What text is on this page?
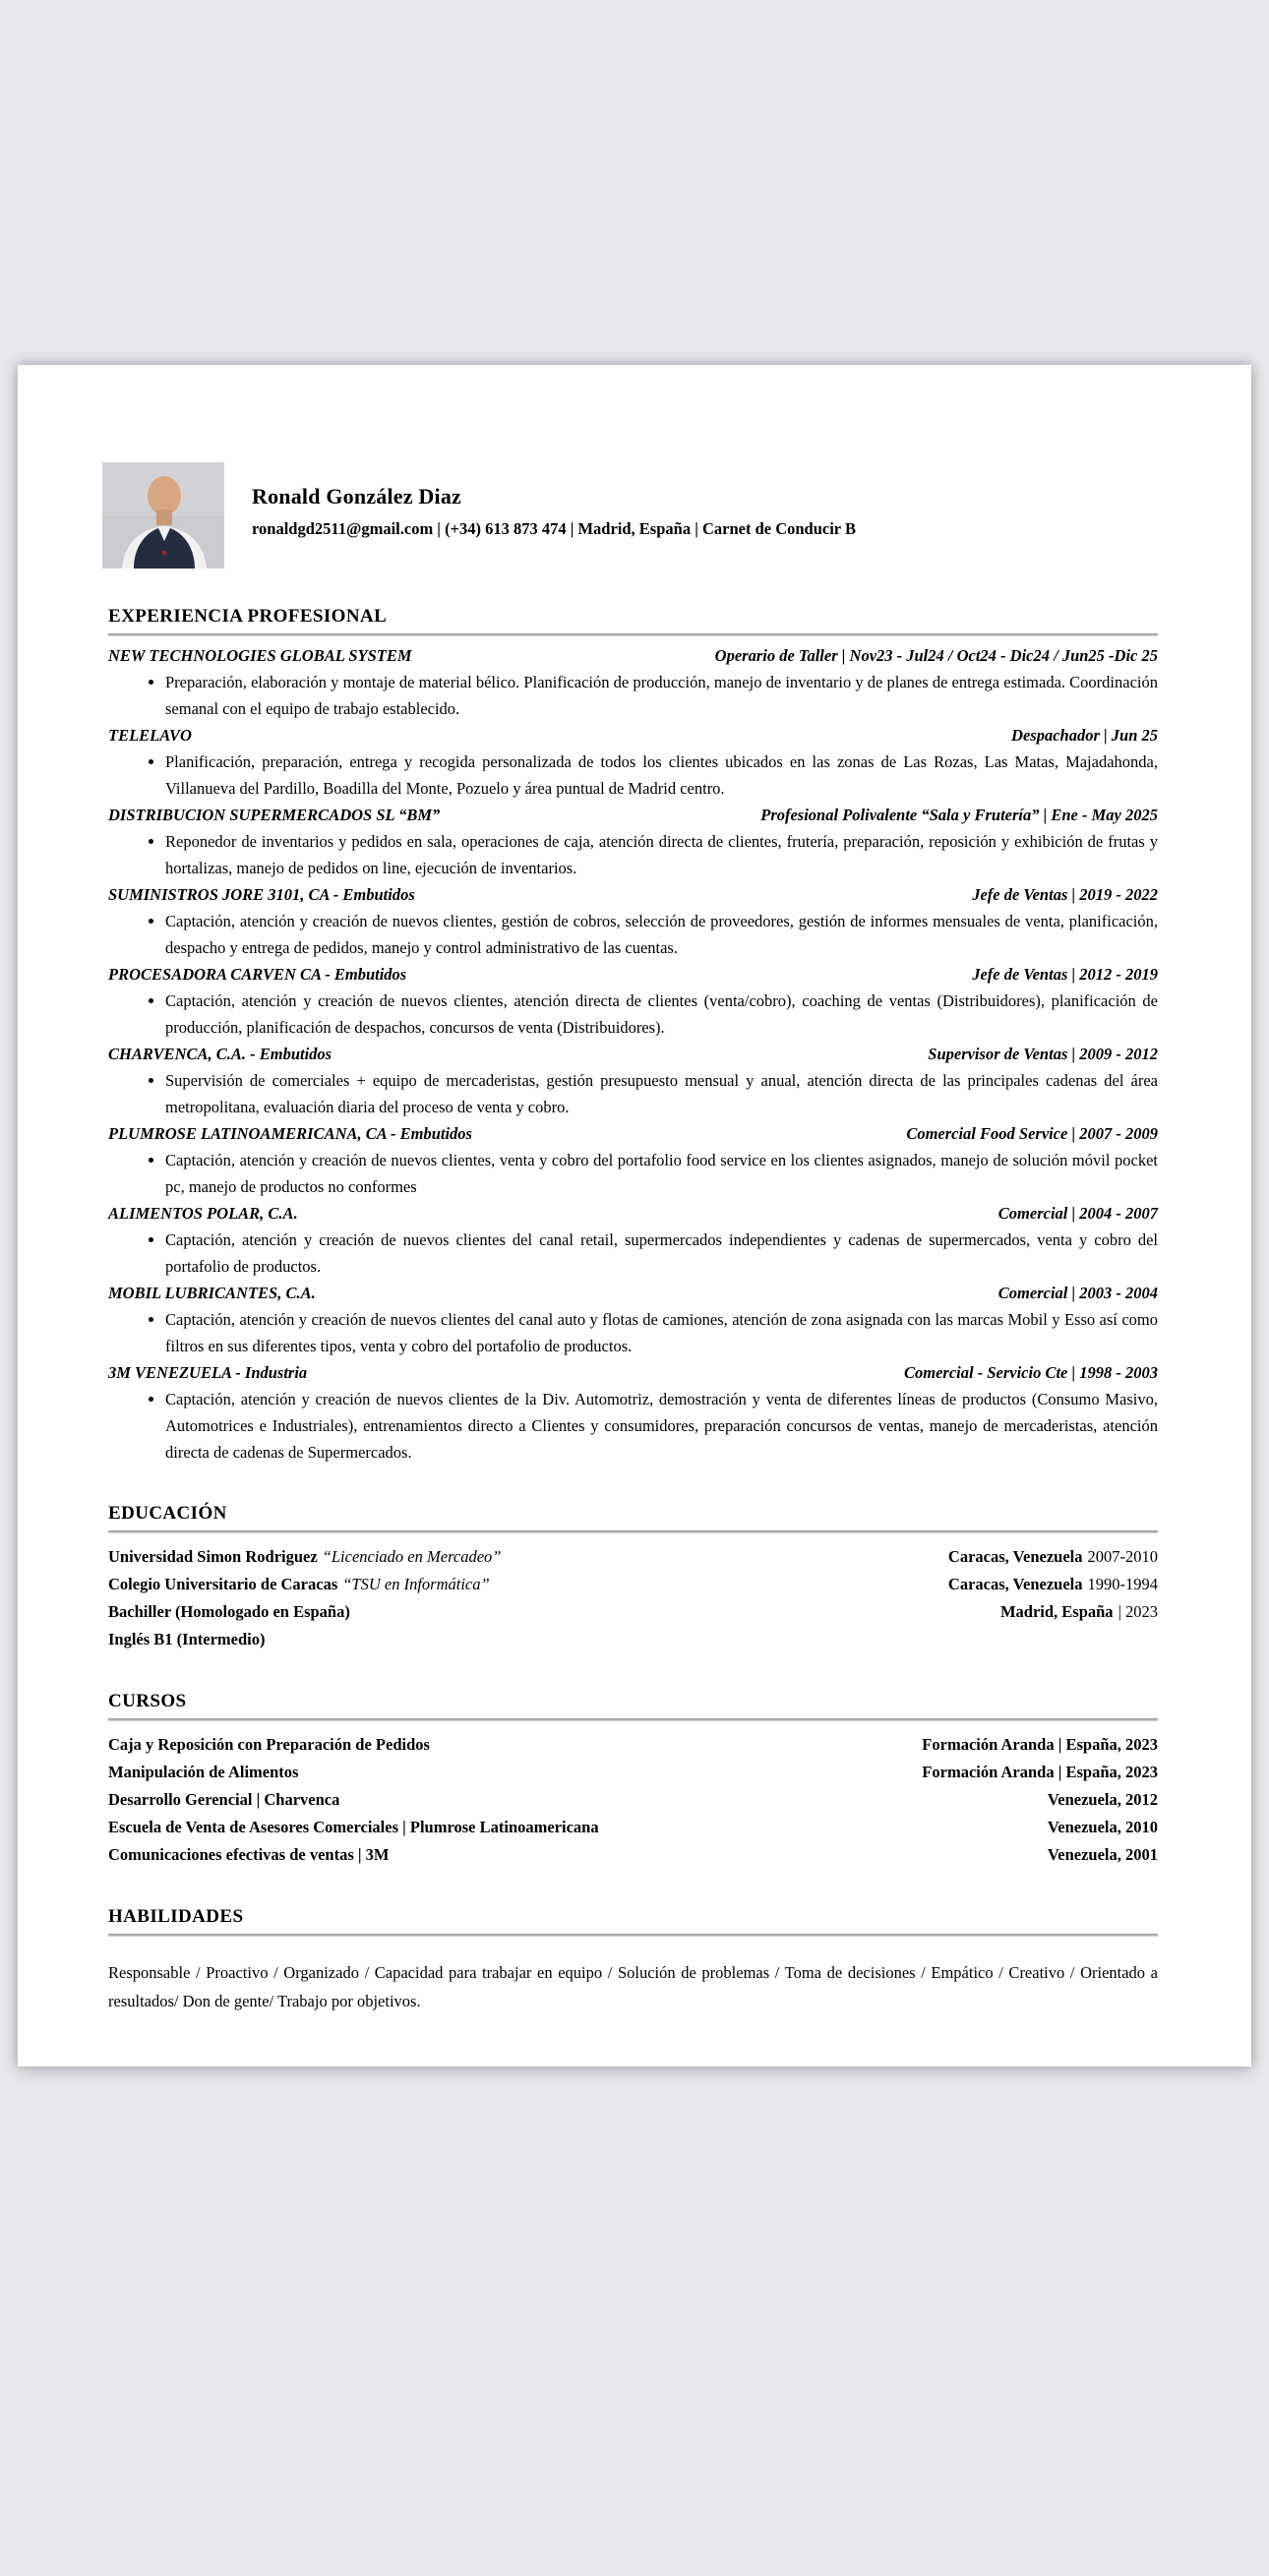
Ronald González Diaz
ronaldgd2511@gmail.com | (+34) 613 873 474 | Madrid, España | Carnet de Conducir B
EXPERIENCIA PROFESIONAL
NEW TECHNOLOGIES GLOBAL SYSTEM	Operario de Taller | Nov23 - Jul24 / Oct24 - Dic24 / Jun25 -Dic 25
• Preparación, elaboración y montaje de material bélico. Planificación de producción, manejo de inventario y de planes de entrega estimada. Coordinación semanal con el equipo de trabajo establecido.
TELELAVO	Despachador | Jun 25
• Planificación, preparación, entrega y recogida personalizada de todos los clientes ubicados en las zonas de Las Rozas, Las Matas, Majadahonda, Villanueva del Pardillo, Boadilla del Monte, Pozuelo y área puntual de Madrid centro.
DISTRIBUCION SUPERMERCADOS SL “BM”	Profesional Polivalente “Sala y Frutería” | Ene - May 2025
• Reponedor de inventarios y pedidos en sala, operaciones de caja, atención directa de clientes, frutería, preparación, reposición y exhibición de frutas y hortalizas, manejo de pedidos on line, ejecución de inventarios.
SUMINISTROS JORE 3101, CA - Embutidos	Jefe de Ventas | 2019 - 2022
• Captación, atención y creación de nuevos clientes, gestión de cobros, selección de proveedores, gestión de informes mensuales de venta, planificación, despacho y entrega de pedidos, manejo y control administrativo de las cuentas.
PROCESADORA CARVEN CA - Embutidos	Jefe de Ventas | 2012 - 2019
• Captación, atención y creación de nuevos clientes, atención directa de clientes (venta/cobro), coaching de ventas (Distribuidores), planificación de producción, planificación de despachos, concursos de venta (Distribuidores).
CHARVENCA, C.A. - Embutidos	Supervisor de Ventas | 2009 - 2012
• Supervisión de comerciales + equipo de mercaderistas, gestión presupuesto mensual y anual, atención directa de las principales cadenas del área metropolitana, evaluación diaria del proceso de venta y cobro.
PLUMROSE LATINOAMERICANA, CA - Embutidos	Comercial Food Service | 2007 - 2009
• Captación, atención y creación de nuevos clientes, venta y cobro del portafolio food service en los clientes asignados, manejo de solución móvil pocket pc, manejo de productos no conformes
ALIMENTOS POLAR, C.A.	Comercial | 2004 - 2007
• Captación, atención y creación de nuevos clientes del canal retail, supermercados independientes y cadenas de supermercados, venta y cobro del portafolio de productos.
MOBIL LUBRICANTES, C.A.	Comercial | 2003 - 2004
• Captación, atención y creación de nuevos clientes del canal auto y flotas de camiones, atención de zona asignada con las marcas Mobil y Esso así como filtros en sus diferentes tipos, venta y cobro del portafolio de productos.
3M VENEZUELA - Industria	Comercial - Servicio Cte | 1998 - 2003
• Captación, atención y creación de nuevos clientes de la Div. Automotriz, demostración y venta de diferentes líneas de productos (Consumo Masivo, Automotrices e Industriales), entrenamientos directo a Clientes y consumidores, preparación concursos de ventas, manejo de mercaderistas, atención directa de cadenas de Supermercados.
EDUCACIÓN
Universidad Simon Rodriguez “Licenciado en Mercadeo”	Caracas, Venezuela 2007-2010
Colegio Universitario de Caracas “TSU en Informática”	Caracas, Venezuela 1990-1994
Bachiller (Homologado en España)	Madrid, España | 2023
Inglés B1 (Intermedio)
CURSOS
Caja y Reposición con Preparación de Pedidos	Formación Aranda | España, 2023
Manipulación de Alimentos	Formación Aranda | España, 2023
Desarrollo Gerencial | Charvenca	Venezuela, 2012
Escuela de Venta de Asesores Comerciales | Plumrose Latinoamericana	Venezuela, 2010
Comunicaciones efectivas de ventas | 3M	Venezuela, 2001
HABILIDADES
Responsable / Proactivo / Organizado / Capacidad para trabajar en equipo / Solución de problemas / Toma de decisiones / Empático / Creativo / Orientado a resultados/ Don de gente/ Trabajo por objetivos.
